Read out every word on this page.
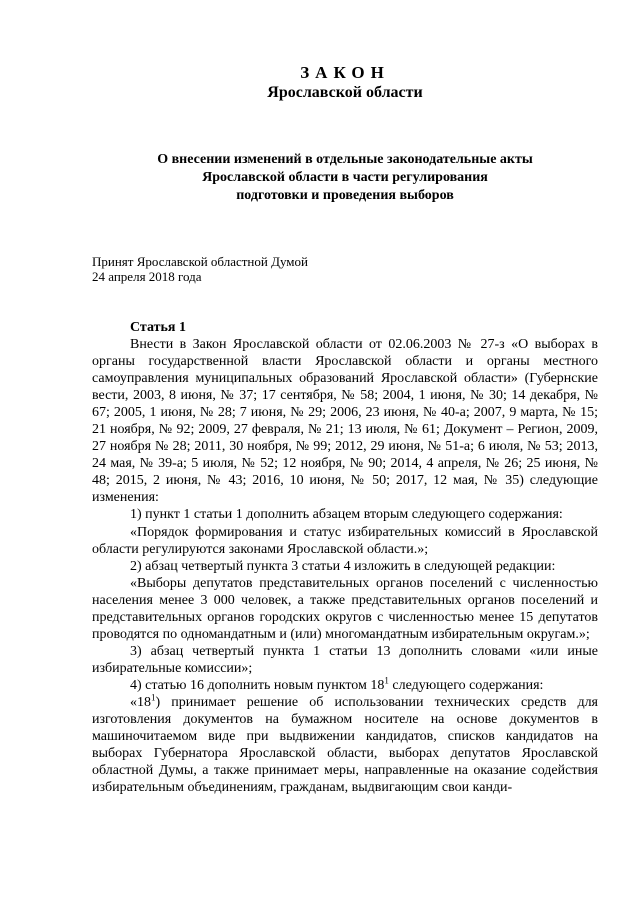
ЗАКОН
Ярославской области
О внесении изменений в отдельные законодательные акты
Ярославской области в части регулирования
подготовки и проведения выборов
Принят Ярославской областной Думой
24 апреля 2018 года
Статья 1

Внести в Закон Ярославской области от 02.06.2003 № 27-з «О выборах в органы государственной власти Ярославской области и органы местного самоуправления муниципальных образований Ярославской области» (Губернские вести, 2003, 8 июня, № 37; 17 сентября, № 58; 2004, 1 июня, № 30; 14 декабря, № 67; 2005, 1 июня, № 28; 7 июня, № 29; 2006, 23 июня, № 40-а; 2007, 9 марта, № 15; 21 ноября, № 92; 2009, 27 февраля, № 21; 13 июля, № 61; Документ – Регион, 2009, 27 ноября № 28; 2011, 30 ноября, № 99; 2012, 29 июня, № 51-а; 6 июля, № 53; 2013, 24 мая, № 39-а; 5 июля, № 52; 12 ноября, № 90; 2014, 4 апреля, № 26; 25 июня, № 48; 2015, 2 июня, № 43; 2016, 10 июня, № 50; 2017, 12 мая, № 35) следующие изменения:

1) пункт 1 статьи 1 дополнить абзацем вторым следующего содержания:

«Порядок формирования и статус избирательных комиссий в Ярославской области регулируются законами Ярославской области.»;

2) абзац четвертый пункта 3 статьи 4 изложить в следующей редакции:

«Выборы депутатов представительных органов поселений с численностью населения менее 3 000 человек, а также представительных органов поселений и представительных органов городских округов с численностью менее 15 депутатов проводятся по одномандатным и (или) многомандатным избирательным округам.»;

3) абзац четвертый пункта 1 статьи 13 дополнить словами «или иные избирательные комиссии»;

4) статью 16 дополнить новым пунктом $18^1$ следующего содержания:

«$18^1$) принимает решение об использовании технических средств для изготовления документов на бумажном носителе на основе документов в машиночитаемом виде при выдвижении кандидатов, списков кандидатов на выборах Губернатора Ярославской области, выборах депутатов Ярославской областной Думы, а также принимает меры, направленные на оказание содействия избирательным объединениям, гражданам, выдвигающим свои канди-
